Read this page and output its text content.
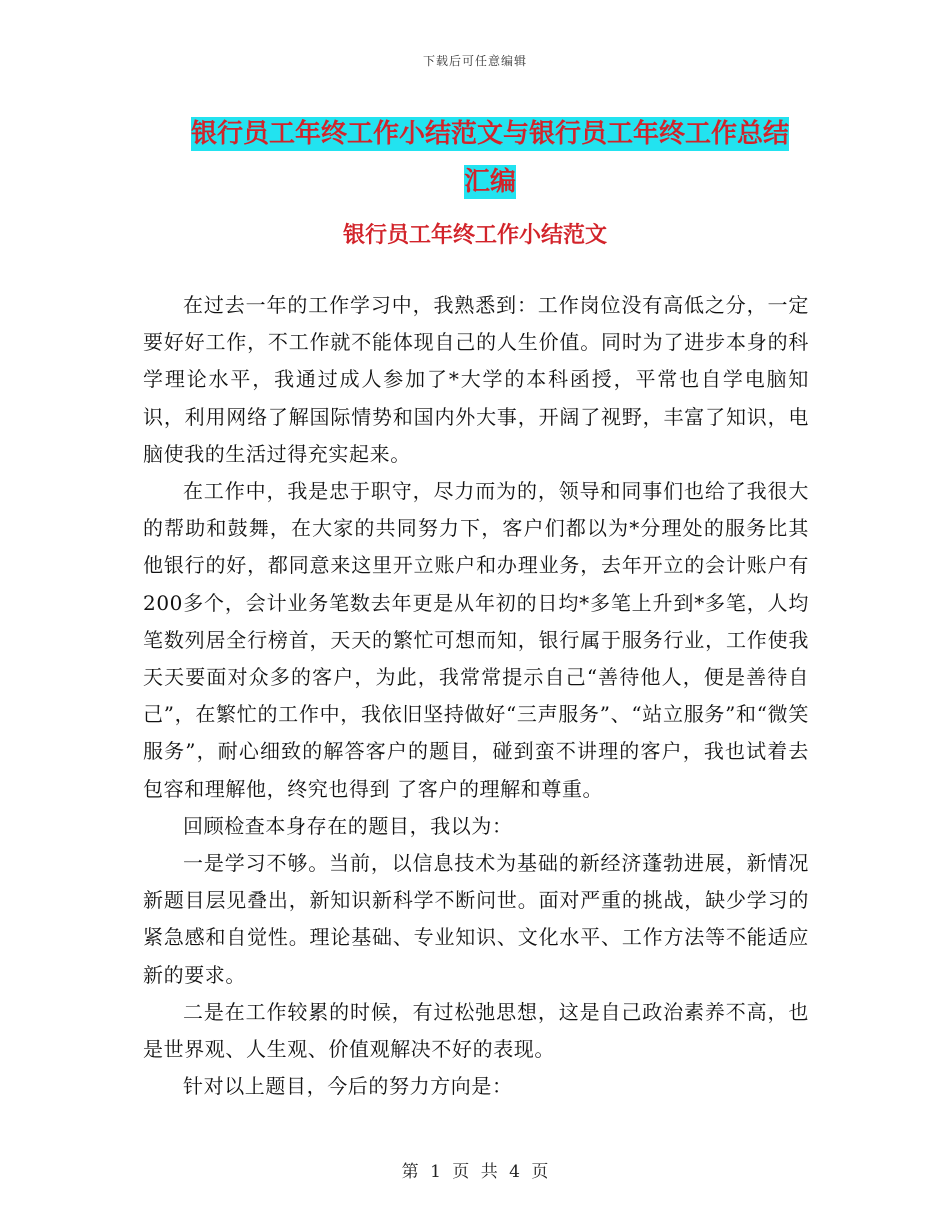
下载后可任意编辑
银行员工年终工作小结范文与银行员工年终工作总结
汇编
银行员工年终工作小结范文

在过去一年的工作学习中，我熟悉到：工作岗位没有高低之分，一定要好好工作，不工作就不能体现自己的人生价值。同时为了进步本身的科学理论水平，我通过成人参加了*大学的本科函授，平常也自学电脑知识，利用网络了解国际情势和国内外大事，开阔了视野，丰富了知识，电脑使我的生活过得充实起来。

在工作中，我是忠于职守，尽力而为的，领导和同事们也给了我很大的帮助和鼓舞，在大家的共同努力下，客户们都以为*分理处的服务比其他银行的好，都同意来这里开立账户和办理业务，去年开立的会计账户有200多个，会计业务笔数去年更是从年初的日均*多笔上升到*多笔，人均笔数列居全行榜首，天天的繁忙可想而知，银行属于服务行业，工作使我天天要面对众多的客户，为此，我常常提示自己“善待他人，便是善待自己”，在繁忙的工作中，我依旧坚持做好“三声服务”、“站立服务”和“微笑服务”，耐心细致的解答客户的题目，碰到蛮不讲理的客户，我也试着去包容和理解他，终究也得到 了客户的理解和尊重。

回顾检查本身存在的题目，我以为：

一是学习不够。当前，以信息技术为基础的新经济蓬勃进展，新情况新题目层见叠出，新知识新科学不断问世。面对严重的挑战，缺少学习的紧急感和自觉性。理论基础、专业知识、文化水平、工作方法等不能适应新的要求。

二是在工作较累的时候，有过松弛思想，这是自己政治素养不高，也是世界观、人生观、价值观解决不好的表现。

针对以上题目，今后的努力方向是：

第 1 页 共 4 页
